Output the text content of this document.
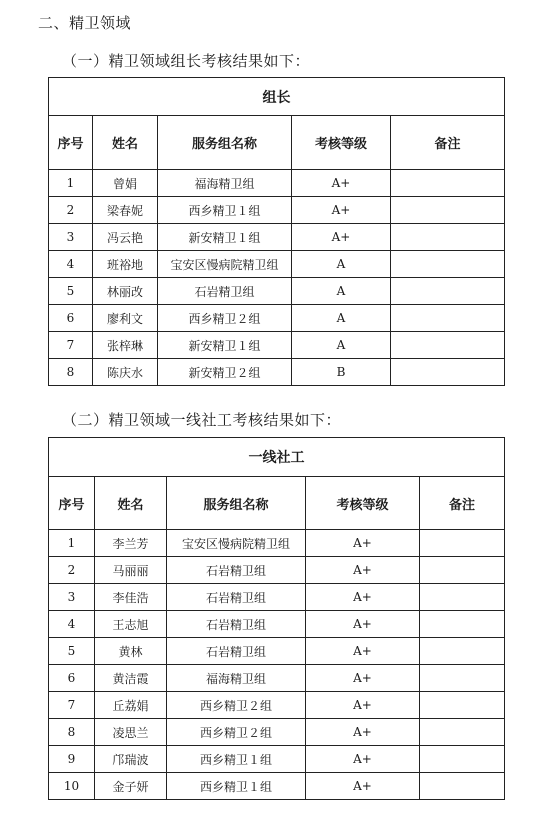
二、精卫领域
（一）精卫领域组长考核结果如下：
组长				
序号	姓名	服务组名称	考核等级	备注
1	曾娟	福海精卫组	A+	
2	梁春妮	西乡精卫１组	A+	
3	冯云艳	新安精卫１组	A+	
4	班裕地	宝安区慢病院精卫组	A	
5	林丽改	石岩精卫组	A	
6	廖利文	西乡精卫２组	A	
7	张梓琳	新安精卫１组	A	
8	陈庆水	新安精卫２组	B	
（二）精卫领域一线社工考核结果如下：
一线社工				
序号	姓名	服务组名称	考核等级	备注
1	李兰芳	宝安区慢病院精卫组	A+	
2	马丽丽	石岩精卫组	A+	
3	李佳浩	石岩精卫组	A+	
4	王志旭	石岩精卫组	A+	
5	黄林	石岩精卫组	A+	
6	黄洁霞	福海精卫组	A+	
7	丘荔娟	西乡精卫２组	A+	
8	凌思兰	西乡精卫２组	A+	
9	邝瑞波	西乡精卫１组	A+	
10	金子妍	西乡精卫１组	A+	
